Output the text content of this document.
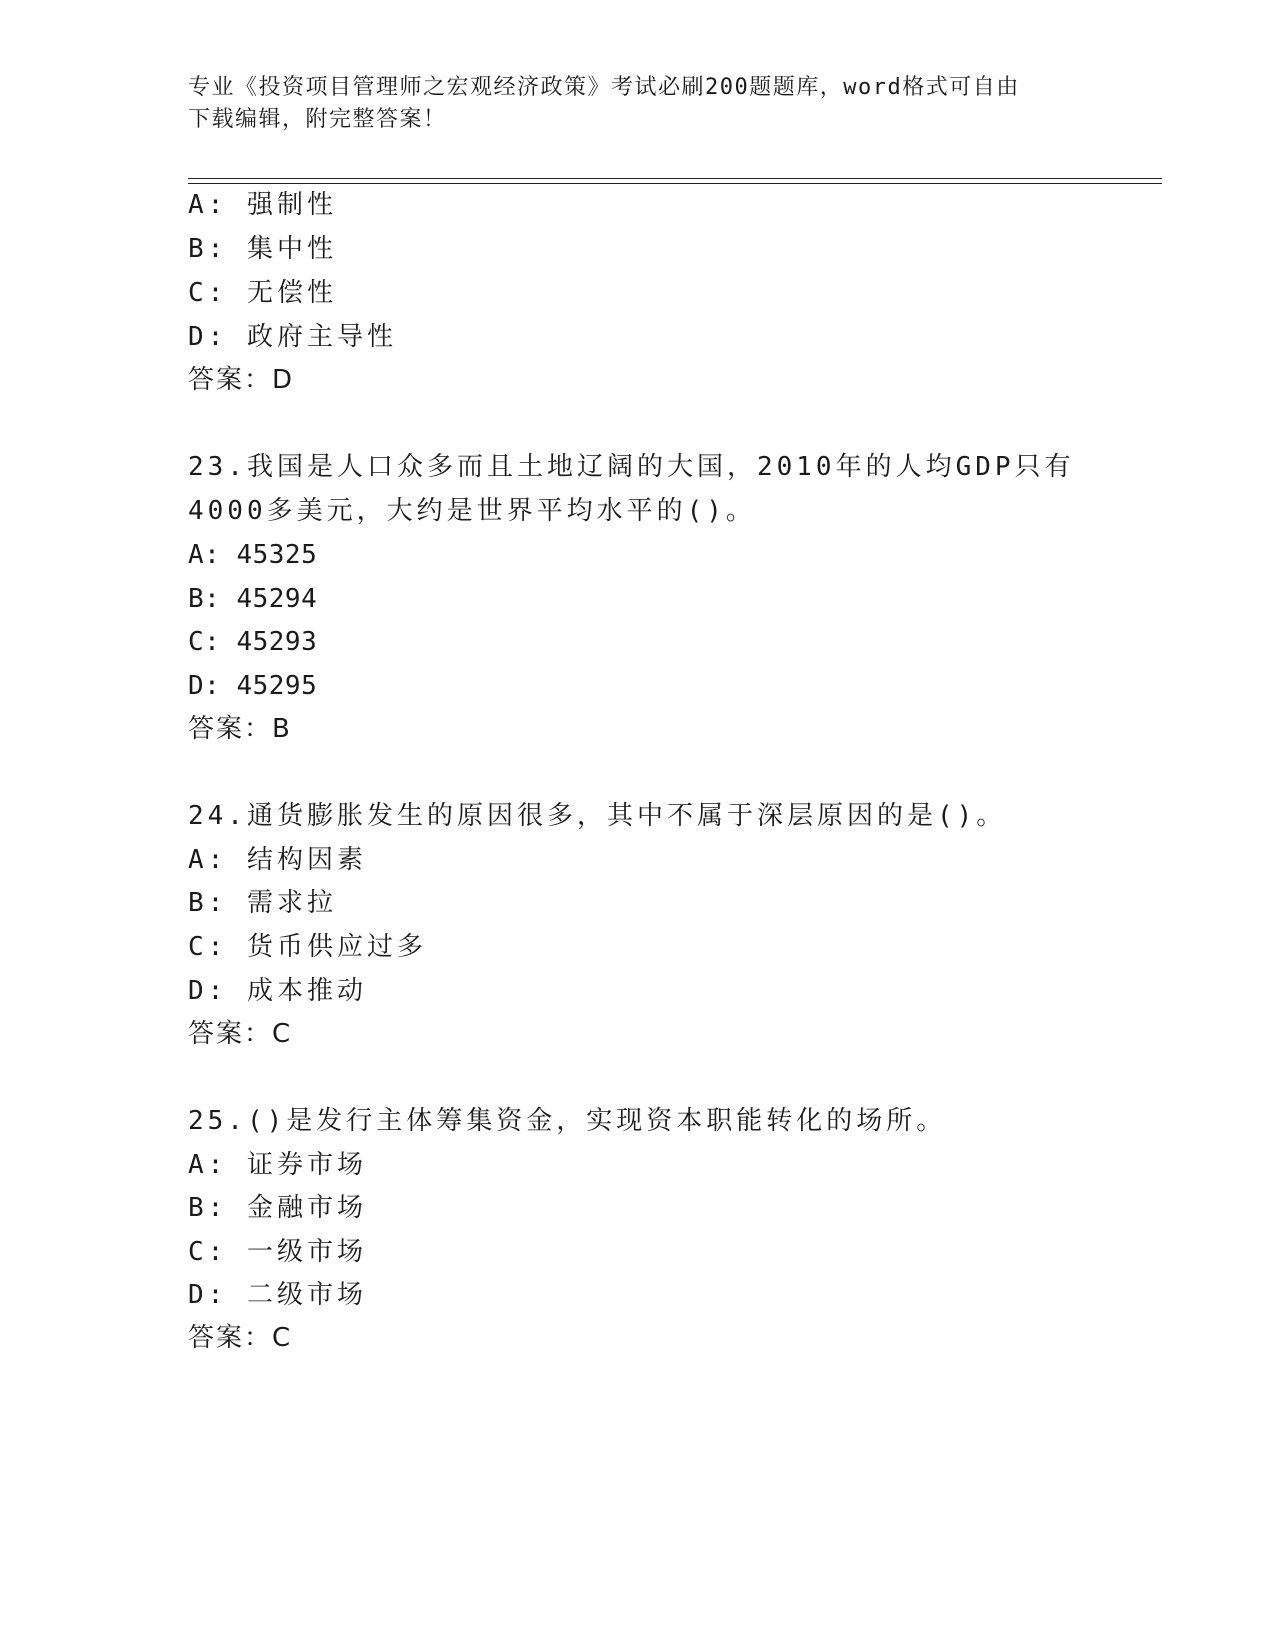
专业《投资项目管理师之宏观经济政策》考试必刷200题题库，word格式可自由
下载编辑，附完整答案！
A: 强制性
B: 集中性
C: 无偿性
D: 政府主导性
答案：D
23.我国是人口众多而且土地辽阔的大国，2010年的人均GDP只有
4000多美元，大约是世界平均水平的()。
A: 45325
B: 45294
C: 45293
D: 45295
答案：B
24.通货膨胀发生的原因很多，其中不属于深层原因的是()。
A: 结构因素
B: 需求拉
C: 货币供应过多
D: 成本推动
答案：C
25.()是发行主体筹集资金，实现资本职能转化的场所。
A: 证券市场
B: 金融市场
C: 一级市场
D: 二级市场
答案：C
